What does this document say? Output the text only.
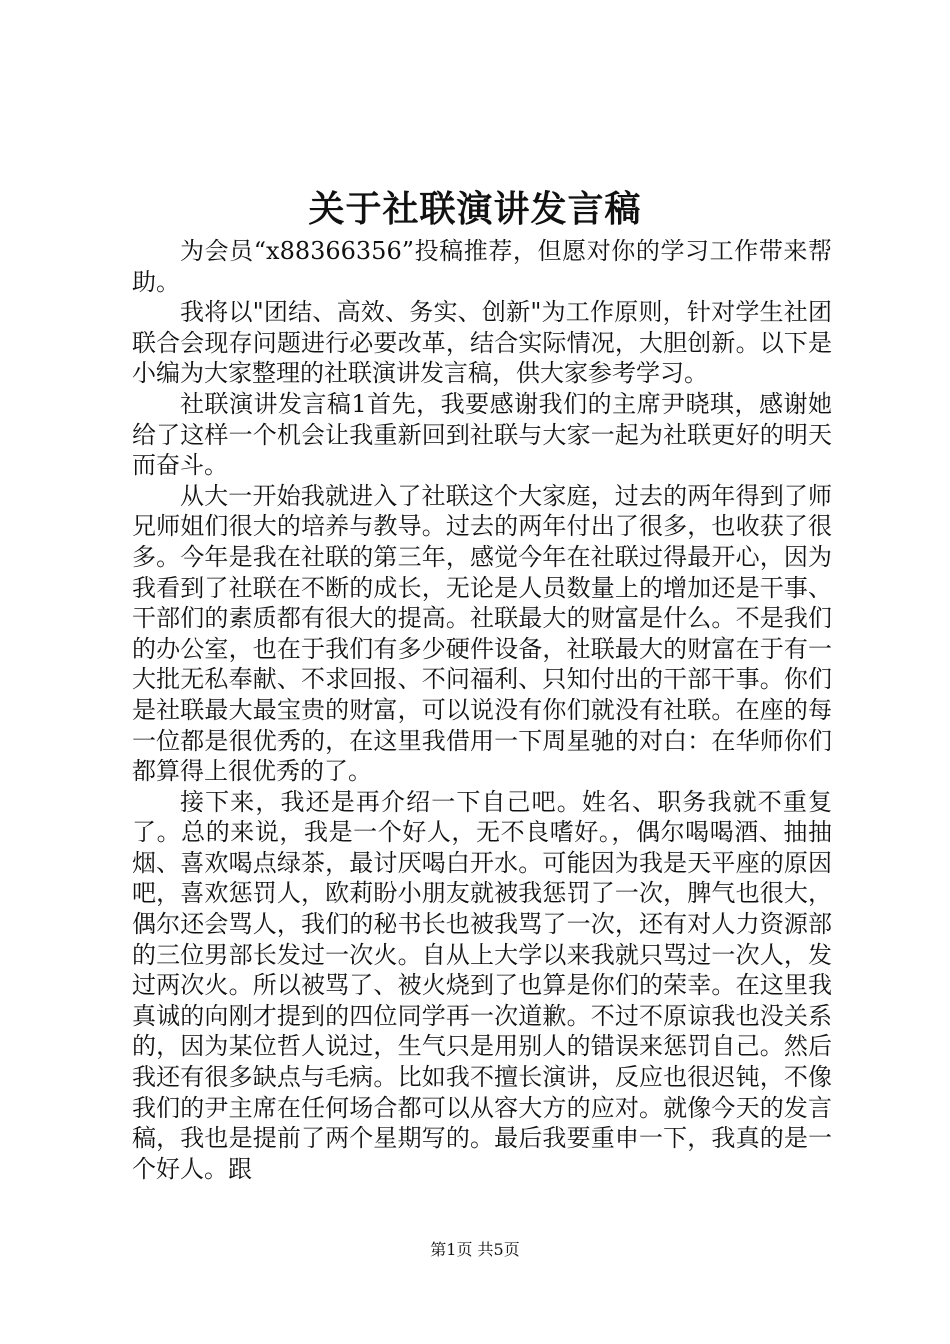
关于社联演讲发言稿

为会员“x88366356”投稿推荐，但愿对你的学习工作带来帮助。

我将以"团结、高效、务实、创新"为工作原则，针对学生社团联合会现存问题进行必要改革，结合实际情况，大胆创新。以下是小编为大家整理的社联演讲发言稿，供大家参考学习。

社联演讲发言稿1首先，我要感谢我们的主席尹晓琪，感谢她给了这样一个机会让我重新回到社联与大家一起为社联更好的明天而奋斗。

从大一开始我就进入了社联这个大家庭，过去的两年得到了师兄师姐们很大的培养与教导。过去的两年付出了很多，也收获了很多。今年是我在社联的第三年，感觉今年在社联过得最开心，因为我看到了社联在不断的成长，无论是人员数量上的增加还是干事、干部们的素质都有很大的提高。社联最大的财富是什么。不是我们的办公室，也在于我们有多少硬件设备，社联最大的财富在于有一大批无私奉献、不求回报、不问福利、只知付出的干部干事。你们是社联最大最宝贵的财富，可以说没有你们就没有社联。在座的每一位都是很优秀的，在这里我借用一下周星驰的对白：在华师你们都算得上很优秀的了。

接下来，我还是再介绍一下自己吧。姓名、职务我就不重复了。总的来说，我是一个好人，无不良嗜好。，偶尔喝喝酒、抽抽烟、喜欢喝点绿茶，最讨厌喝白开水。可能因为我是天平座的原因吧，喜欢惩罚人，欧莉盼小朋友就被我惩罚了一次，脾气也很大，偶尔还会骂人，我们的秘书长也被我骂了一次，还有对人力资源部的三位男部长发过一次火。自从上大学以来我就只骂过一次人，发过两次火。所以被骂了、被火烧到了也算是你们的荣幸。在这里我真诚的向刚才提到的四位同学再一次道歉。不过不原谅我也没关系的，因为某位哲人说过，生气只是用别人的错误来惩罚自己。然后我还有很多缺点与毛病。比如我不擅长演讲，反应也很迟钝，不像我们的尹主席在任何场合都可以从容大方的应对。就像今天的发言稿，我也是提前了两个星期写的。最后我要重申一下，我真的是一个好人。跟

第1页 共5页
